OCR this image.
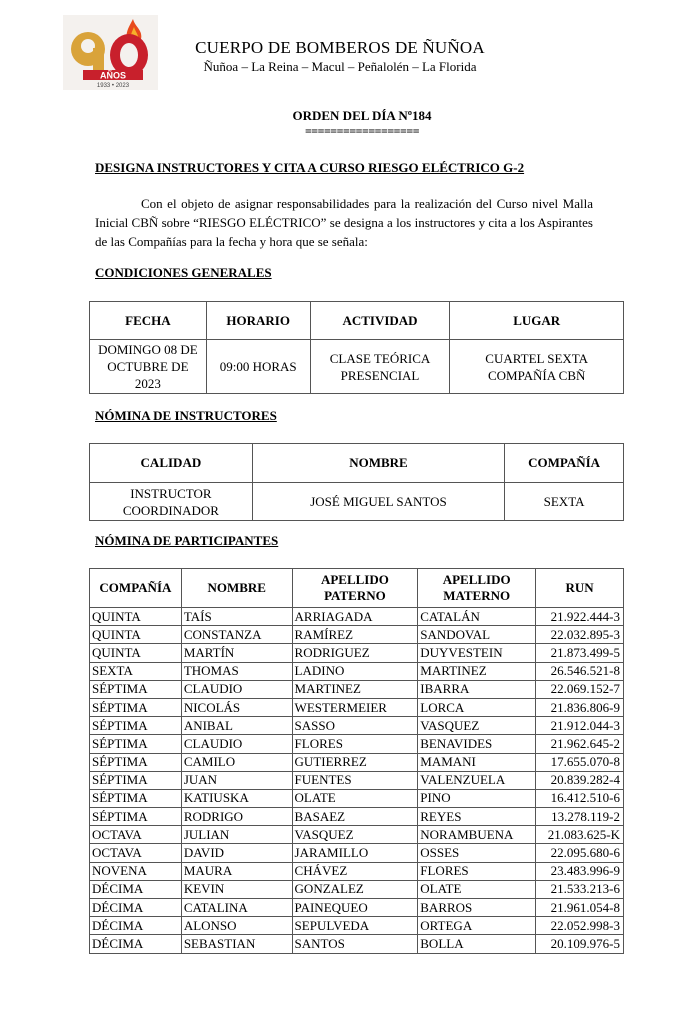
AÑOS
1933 • 2023
CUERPO DE BOMBEROS DE ÑUÑOA
Ñuñoa – La Reina – Macul – Peñalolén – La Florida
ORDEN DEL DÍA Nº184
==================
DESIGNA INSTRUCTORES Y CITA A CURSO RIESGO ELÉCTRICO G-2
Con el objeto de asignar responsabilidades para la realización del Curso nivel Malla Inicial CBÑ sobre “RIESGO ELÉCTRICO” se designa a los instructores y cita a los Aspirantes de las Compañías para la fecha y hora que se señala:
CONDICIONES GENERALES
FECHA	HORARIO	ACTIVIDAD	LUGAR
DOMINGO 08 DE OCTUBRE DE 2023	09:00 HORAS	CLASE TEÓRICA PRESENCIAL	CUARTEL SEXTA COMPAÑÍA CBÑ
NÓMINA DE INSTRUCTORES
CALIDAD	NOMBRE	COMPAÑÍA
INSTRUCTOR COORDINADOR	JOSÉ MIGUEL SANTOS	SEXTA
NÓMINA DE PARTICIPANTES
COMPAÑÍA	NOMBRE	APELLIDO PATERNO	APELLIDO MATERNO	RUN
QUINTA	TAÍS	ARRIAGADA	CATALÁN	21.922.444-3
QUINTA	CONSTANZA	RAMÍREZ	SANDOVAL	22.032.895-3
QUINTA	MARTÍN	RODRIGUEZ	DUYVESTEIN	21.873.499-5
SEXTA	THOMAS	LADINO	MARTINEZ	26.546.521-8
SÉPTIMA	CLAUDIO	MARTINEZ	IBARRA	22.069.152-7
SÉPTIMA	NICOLÁS	WESTERMEIER	LORCA	21.836.806-9
SÉPTIMA	ANIBAL	SASSO	VASQUEZ	21.912.044-3
SÉPTIMA	CLAUDIO	FLORES	BENAVIDES	21.962.645-2
SÉPTIMA	CAMILO	GUTIERREZ	MAMANI	17.655.070-8
SÉPTIMA	JUAN	FUENTES	VALENZUELA	20.839.282-4
SÉPTIMA	KATIUSKA	OLATE	PINO	16.412.510-6
SÉPTIMA	RODRIGO	BASAEZ	REYES	13.278.119-2
OCTAVA	JULIAN	VASQUEZ	NORAMBUENA	21.083.625-K
OCTAVA	DAVID	JARAMILLO	OSSES	22.095.680-6
NOVENA	MAURA	CHÁVEZ	FLORES	23.483.996-9
DÉCIMA	KEVIN	GONZALEZ	OLATE	21.533.213-6
DÉCIMA	CATALINA	PAINEQUEO	BARROS	21.961.054-8
DÉCIMA	ALONSO	SEPULVEDA	ORTEGA	22.052.998-3
DÉCIMA	SEBASTIAN	SANTOS	BOLLA	20.109.976-5
